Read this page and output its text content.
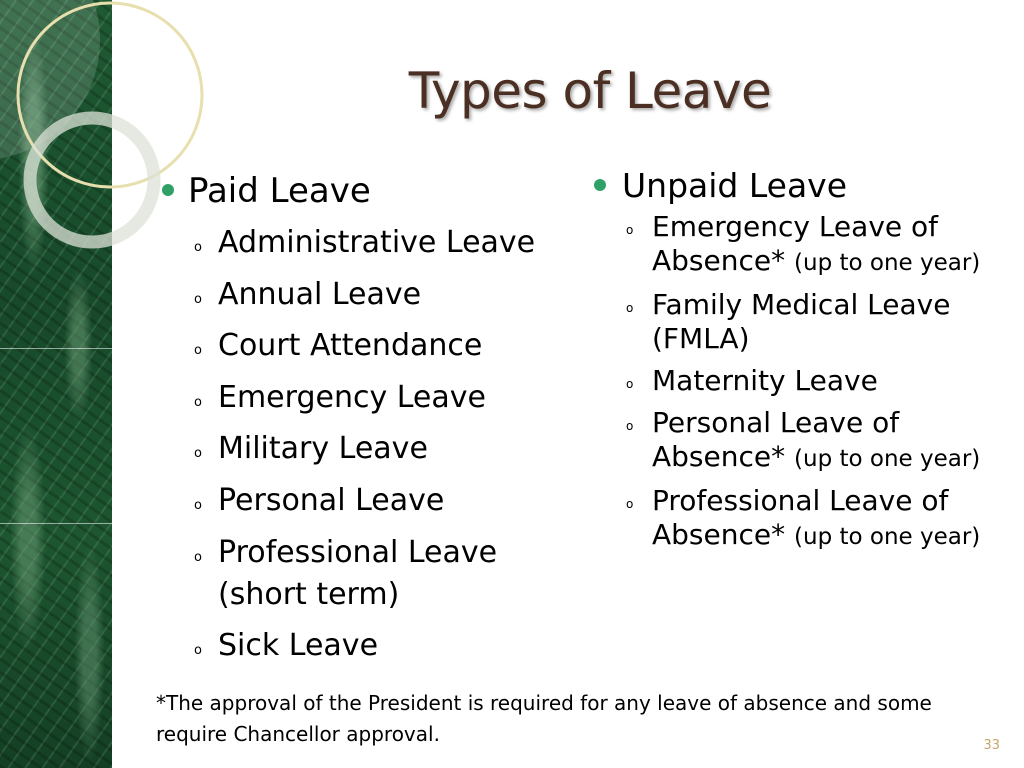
Types of Leave
Paid Leave
o Administrative Leave
o Annual Leave
o Court Attendance
o Emergency Leave
o Military Leave
o Personal Leave
o Professional Leave (short term)
o Sick Leave
Unpaid Leave
o Emergency Leave of Absence* (up to one year)
o Family Medical Leave (FMLA)
o Maternity Leave
o Personal Leave of Absence* (up to one year)
o Professional Leave of Absence* (up to one year)
*The approval of the President is required for any leave of absence and some require Chancellor approval.	33
